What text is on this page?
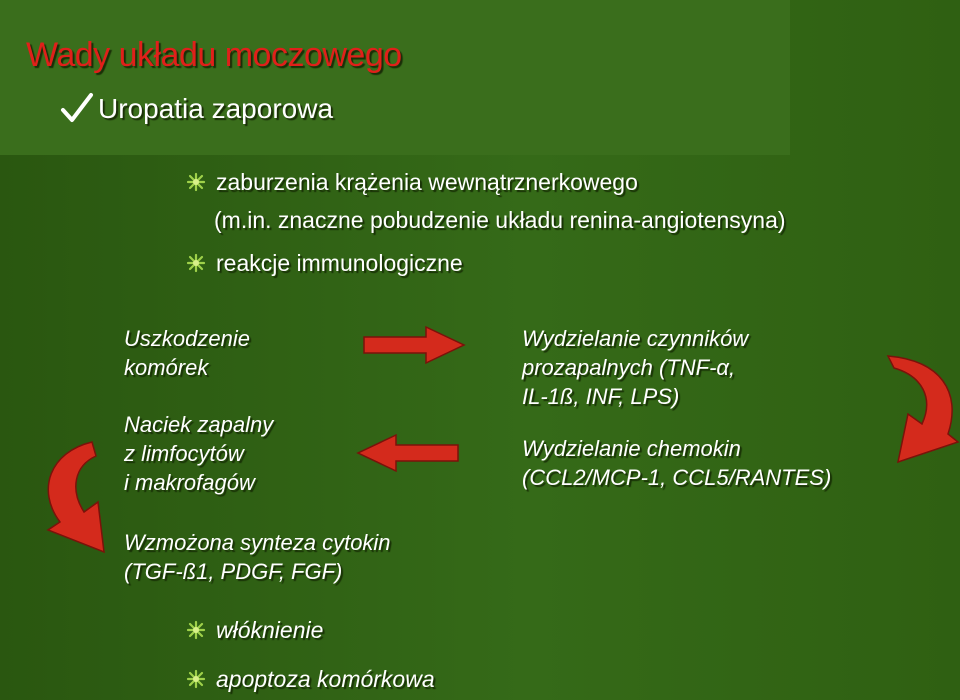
Wady układu moczowego
Uropatia zaporowa
zaburzenia krążenia wewnątrznerkowego
(m.in. znaczne pobudzenie układu renina-angiotensyna)
reakcje immunologiczne
Uszkodzenie
komórek
Naciek zapalny
z limfocytów
i makrofagów
Wydzielanie czynników
prozapalnych (TNF-α,
IL-1ß, INF, LPS)
Wydzielanie chemokin
(CCL2/MCP-1, CCL5/RANTES)
Wzmożona synteza cytokin
(TGF-ß1, PDGF, FGF)
włóknienie
apoptoza komórkowa
